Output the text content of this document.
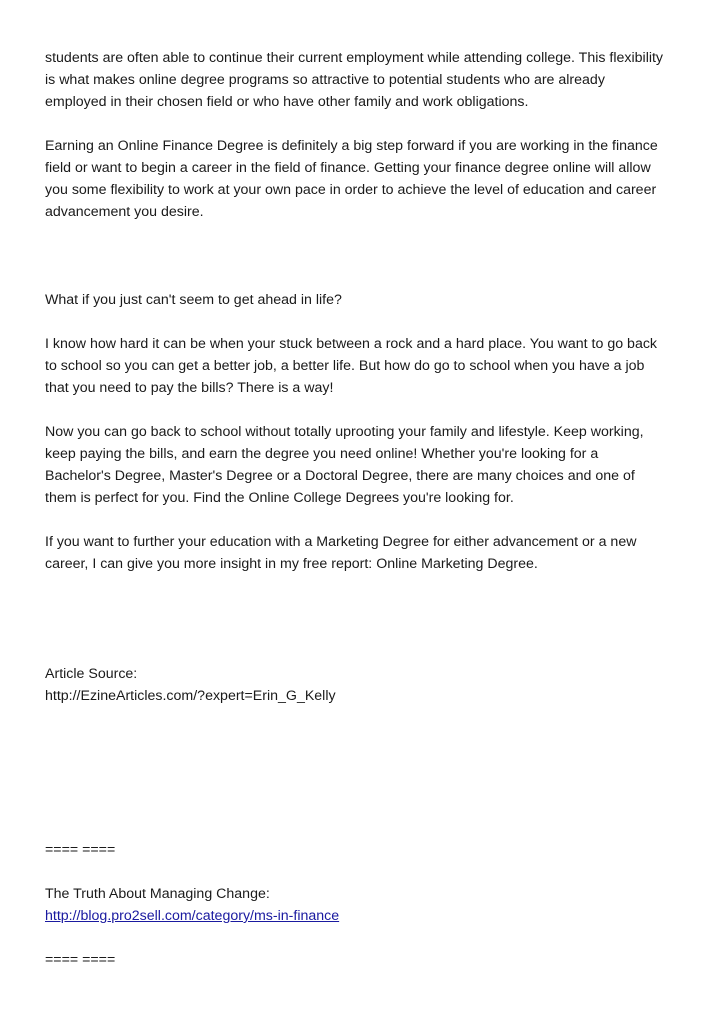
students are often able to continue their current employment while attending college. This flexibility
is what makes online degree programs so attractive to potential students who are already
employed in their chosen field or who have other family and work obligations.

Earning an Online Finance Degree is definitely a big step forward if you are working in the finance
field or want to begin a career in the field of finance. Getting your finance degree online will allow
you some flexibility to work at your own pace in order to achieve the level of education and career
advancement you desire.

What if you just can't seem to get ahead in life?

I know how hard it can be when your stuck between a rock and a hard place. You want to go back
to school so you can get a better job, a better life. But how do go to school when you have a job
that you need to pay the bills? There is a way!

Now you can go back to school without totally uprooting your family and lifestyle. Keep working,
keep paying the bills, and earn the degree you need online! Whether you're looking for a
Bachelor's Degree, Master's Degree or a Doctoral Degree, there are many choices and one of
them is perfect for you. Find the Online College Degrees you're looking for.

If you want to further your education with a Marketing Degree for either advancement or a new
career, I can give you more insight in my free report: Online Marketing Degree.

Article Source:

http://EzineArticles.com/?expert=Erin_G_Kelly

==== ====

The Truth About Managing Change:

http://blog.pro2sell.com/category/ms-in-finance

==== ====
